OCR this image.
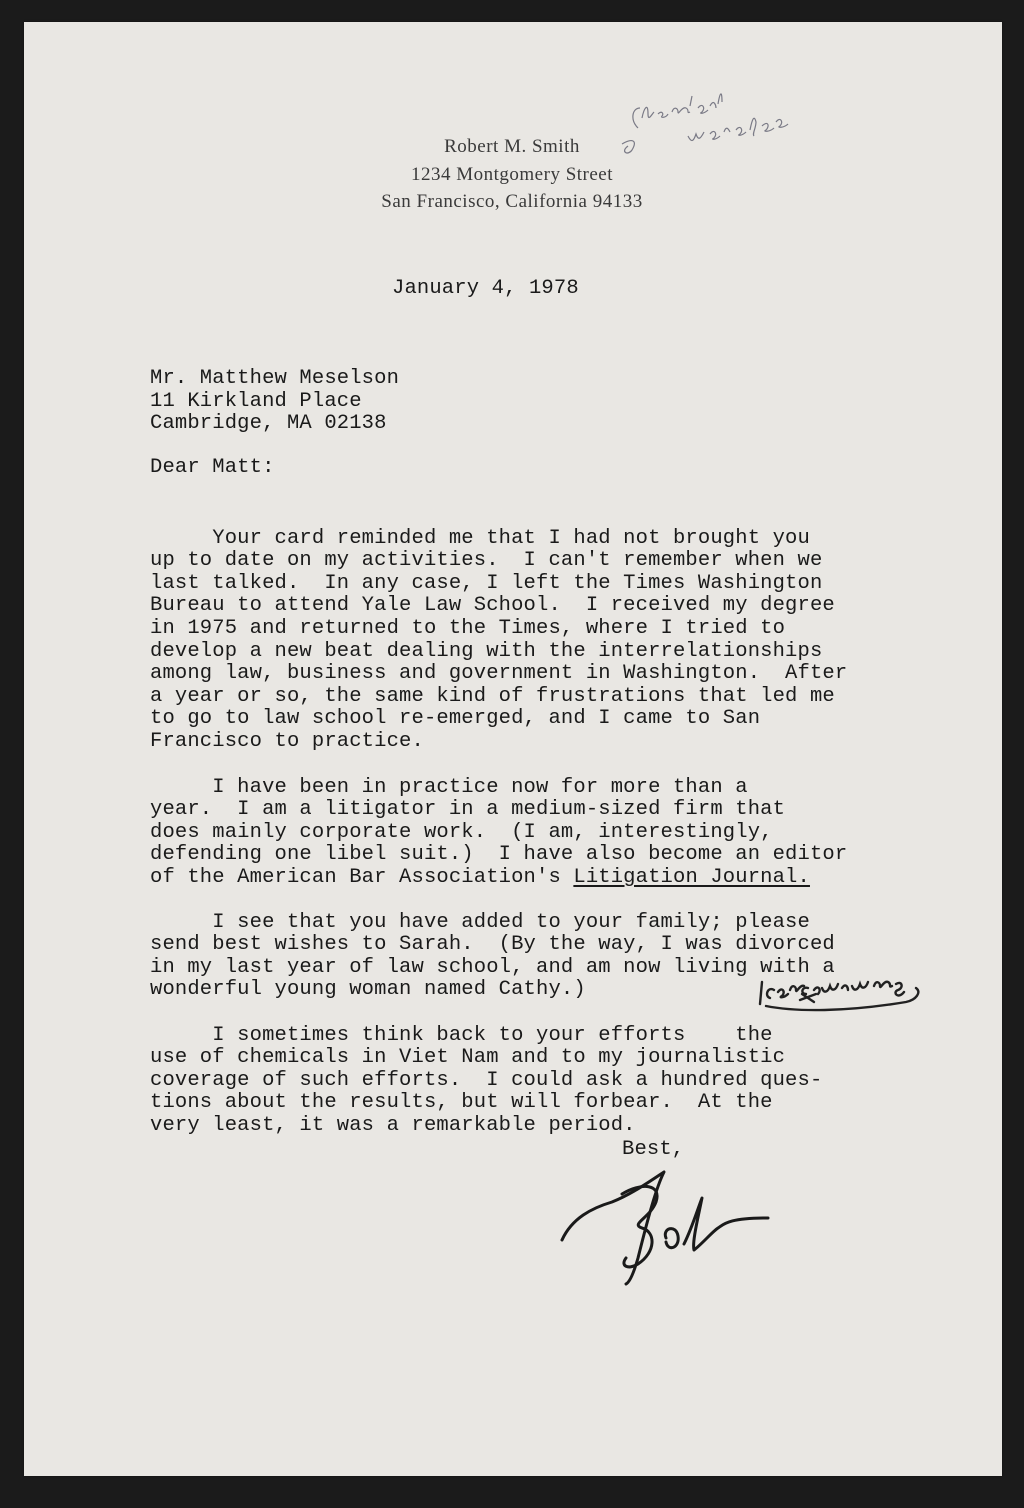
Robert M. Smith
1234 Montgomery Street
San Francisco, California 94133
January 4, 1978
Mr. Matthew Meselson
11 Kirkland Place
Cambridge, MA 02138
Dear Matt:

Your card reminded me that I had not brought you
up to date on my activities.  I can't remember when we
last talked.  In any case, I left the Times Washington
Bureau to attend Yale Law School.  I received my degree
in 1975 and returned to the Times, where I tried to
develop a new beat dealing with the interrelationships
among law, business and government in Washington.  After
a year or so, the same kind of frustrations that led me
to go to law school re-emerged, and I came to San
Francisco to practice.

I have been in practice now for more than a
year.  I am a litigator in a medium-sized firm that
does mainly corporate work.  (I am, interestingly,
defending one libel suit.)  I have also become an editor
of the American Bar Association's Litigation Journal.

I see that you have added to your family; please
send best wishes to Sarah.  (By the way, I was divorced
in my last year of law school, and am now living with a
wonderful young woman named Cathy.)

I sometimes think back to your efforts    the
use of chemicals in Viet Nam and to my journalistic
coverage of such efforts.  I could ask a hundred ques-
tions about the results, but will forbear.  At the
very least, it was a remarkable period.

Best,
